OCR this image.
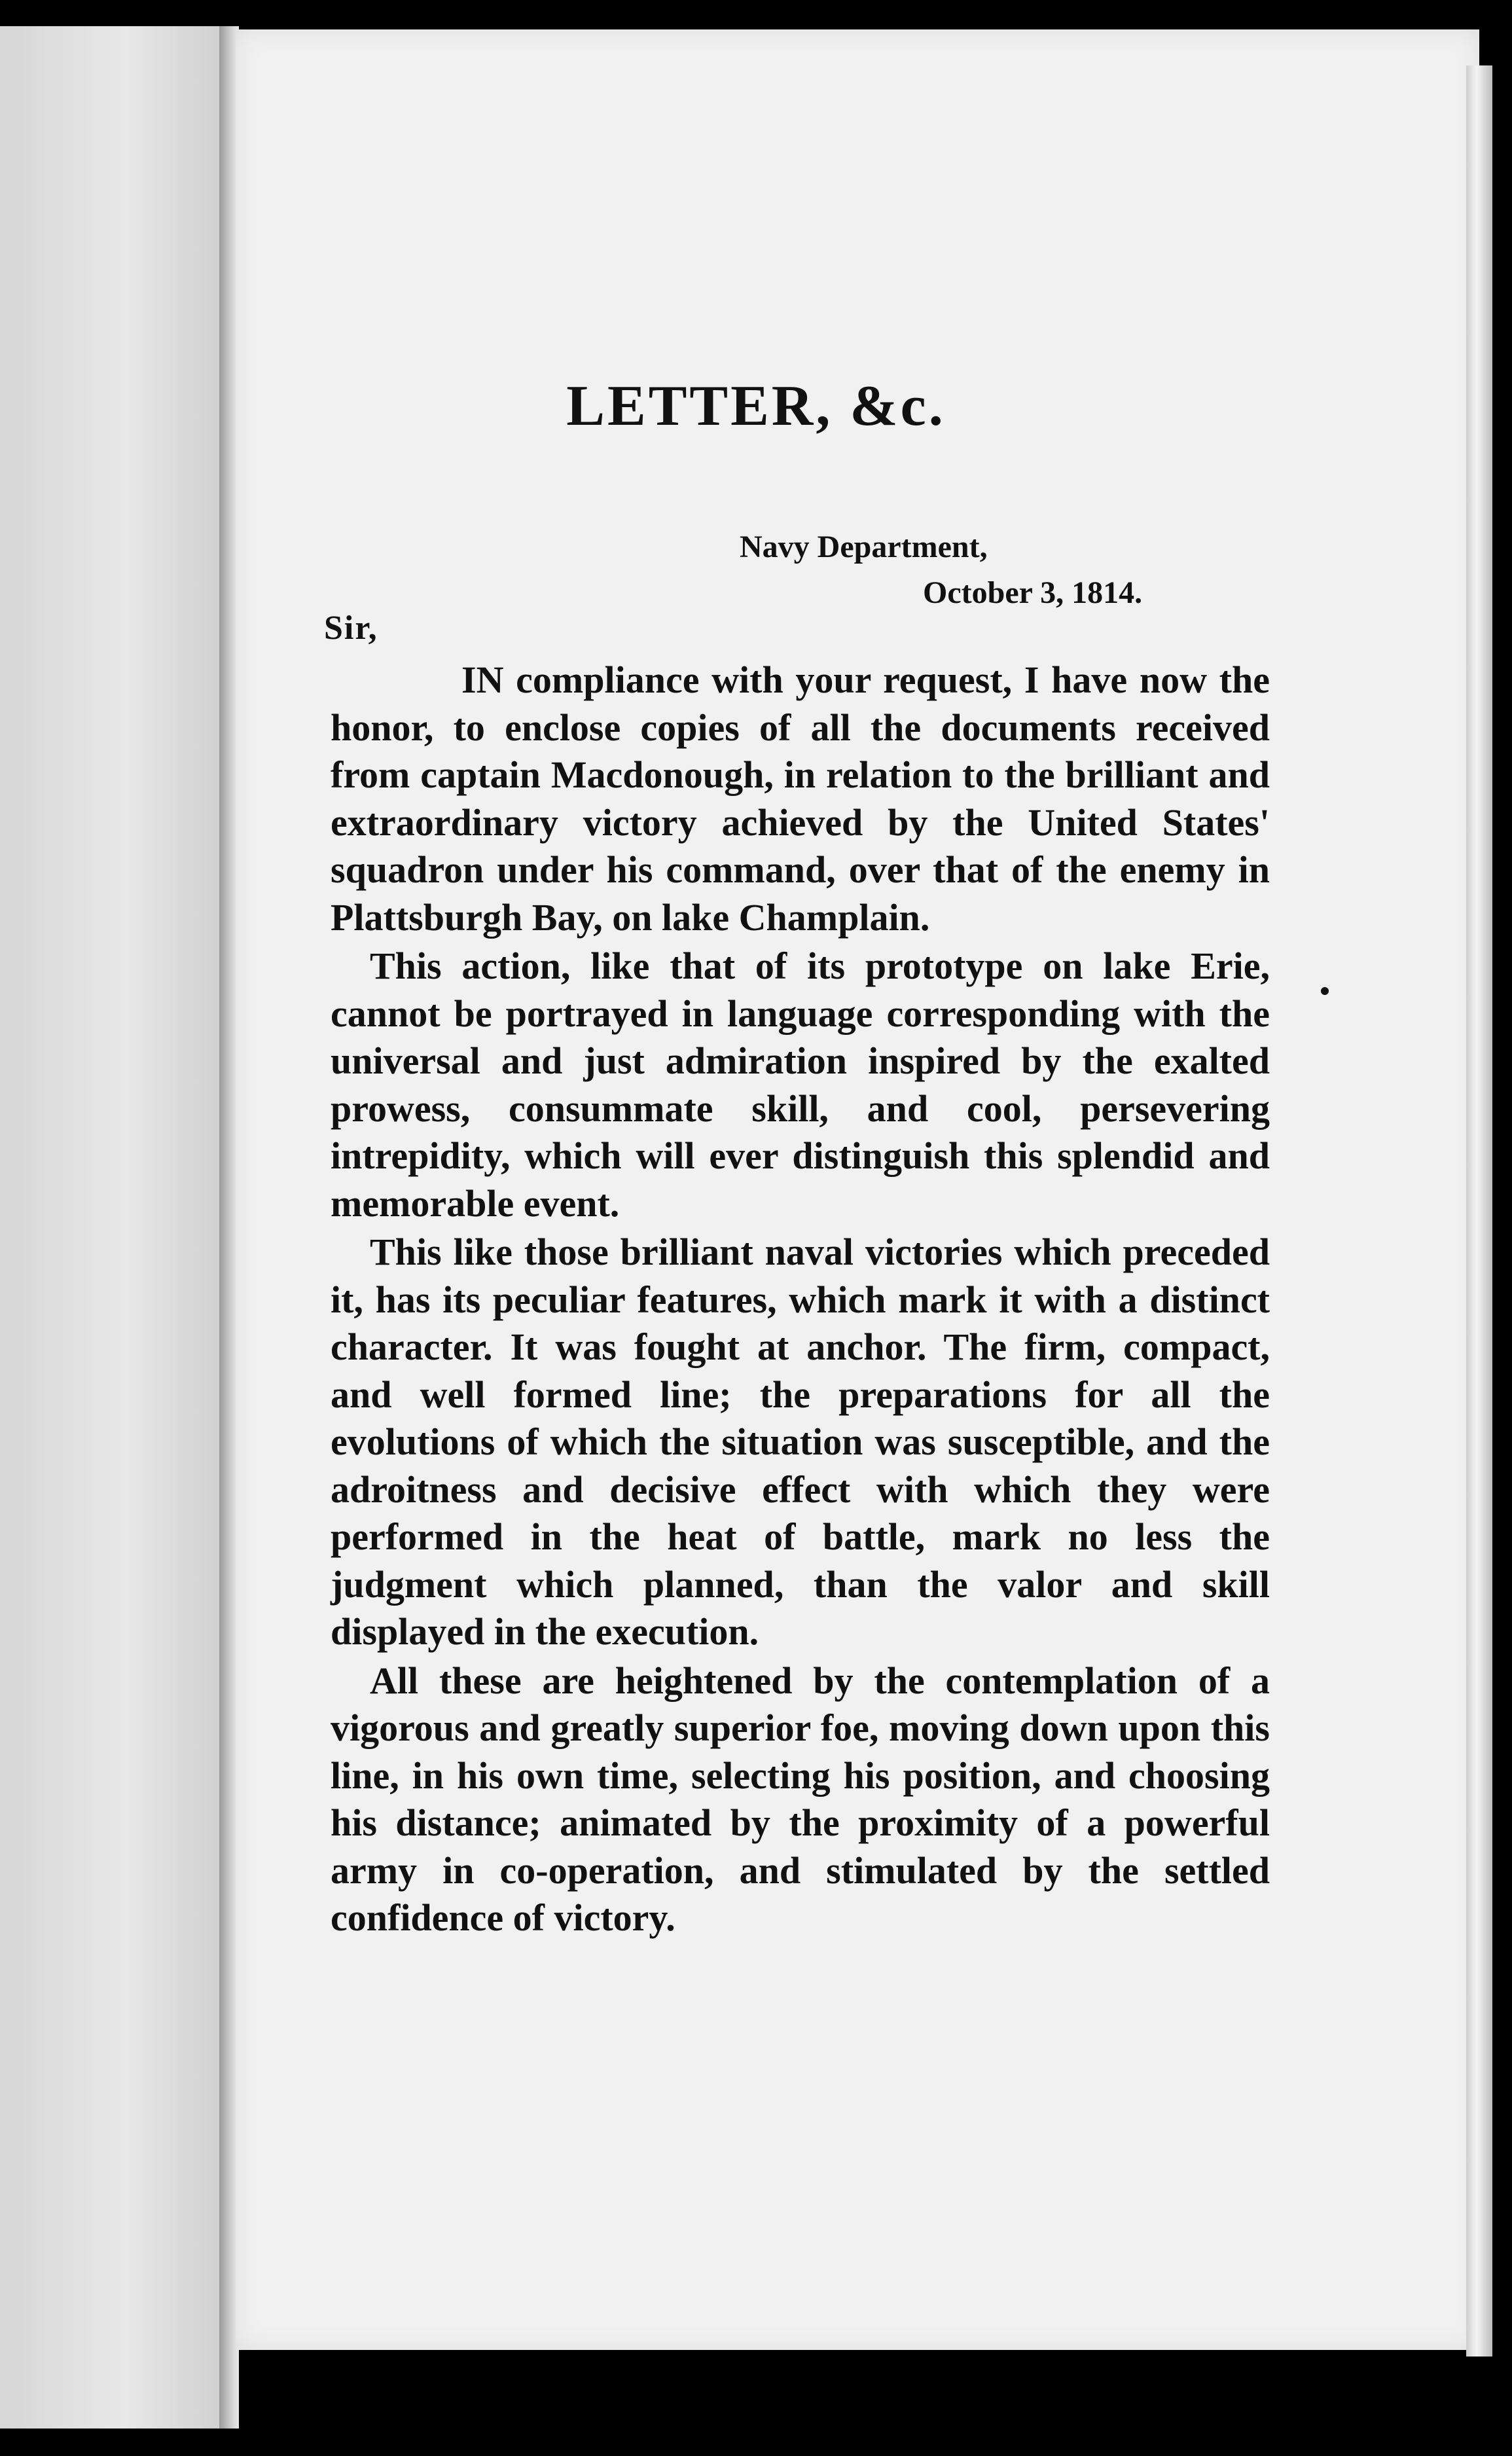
LETTER, &c.
Navy Department,
October 3, 1814.
Sir,

IN compliance with your request, I have now the honor, to enclose copies of all the documents received from captain Macdonough, in relation to the brilliant and extraordinary victory achieved by the United States' squadron under his command, over that of the enemy in Plattsburgh Bay, on lake Champlain.

This action, like that of its prototype on lake Erie, cannot be portrayed in language corresponding with the universal and just admiration inspired by the exalted prowess, consummate skill, and cool, persevering intrepidity, which will ever distinguish this splendid and memorable event.

This like those brilliant naval victories which preceded it, has its peculiar features, which mark it with a distinct character. It was fought at anchor. The firm, compact, and well formed line; the preparations for all the evolutions of which the situation was susceptible, and the adroitness and decisive effect with which they were performed in the heat of battle, mark no less the judgment which planned, than the valor and skill displayed in the execution.

All these are heightened by the contemplation of a vigorous and greatly superior foe, moving down upon this line, in his own time, selecting his position, and choosing his distance; animated by the proximity of a powerful army in co-operation, and stimulated by the settled confidence of victory.
